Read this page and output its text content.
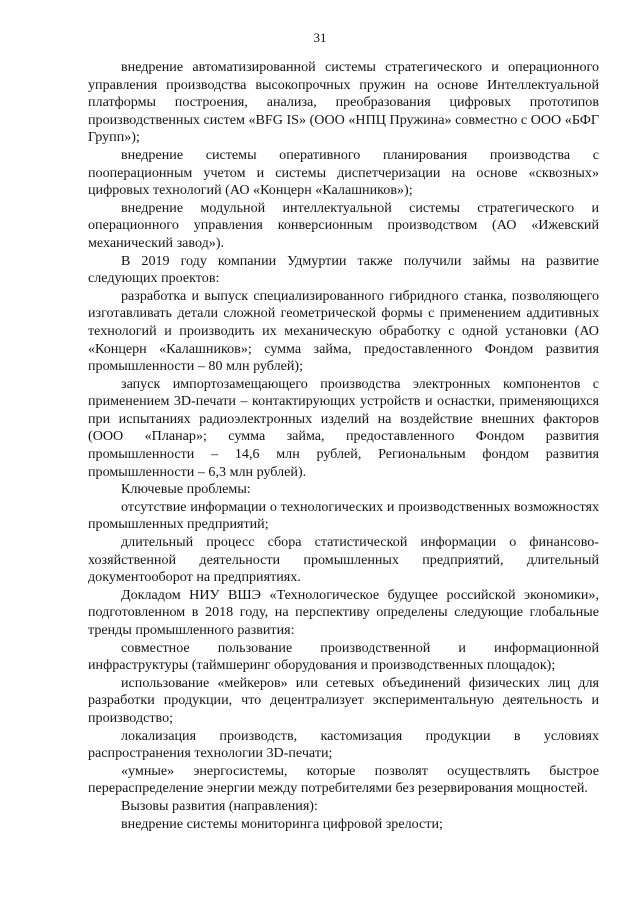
31

внедрение автоматизированной системы стратегического и операционного управления производства высокопрочных пружин на основе Интеллектуальной платформы построения, анализа, преобразования цифровых прототипов производственных систем «BFG IS» (ООО «НПЦ Пружина» совместно с ООО «БФГ Групп»);

внедрение системы оперативного планирования производства с пооперационным учетом и системы диспетчеризации на основе «сквозных» цифровых технологий (АО «Концерн «Калашников»);

внедрение модульной интеллектуальной системы стратегического и операционного управления конверсионным производством (АО «Ижевский механический завод»).

В 2019 году компании Удмуртии также получили займы на развитие следующих проектов:

разработка и выпуск специализированного гибридного станка, позволяющего изготавливать детали сложной геометрической формы с применением аддитивных технологий и производить их механическую обработку с одной установки (АО «Концерн «Калашников»; сумма займа, предоставленного Фондом развития промышленности – 80 млн рублей);

запуск импортозамещающего производства электронных компонентов с применением 3D-печати – контактирующих устройств и оснастки, применяющихся при испытаниях радиоэлектронных изделий на воздействие внешних факторов (ООО «Планар»; сумма займа, предоставленного Фондом развития промышленности – 14,6 млн рублей, Региональным фондом развития промышленности – 6,3 млн рублей).

Ключевые проблемы:

отсутствие информации о технологических и производственных возможностях промышленных предприятий;

длительный процесс сбора статистической информации о финансово-хозяйственной деятельности промышленных предприятий, длительный документооборот на предприятиях.

Докладом НИУ ВШЭ «Технологическое будущее российской экономики», подготовленном в 2018 году, на перспективу определены следующие глобальные тренды промышленного развития:

совместное пользование производственной и информационной инфраструктуры (таймшеринг оборудования и производственных площадок);

использование «мейкеров» или сетевых объединений физических лиц для разработки продукции, что децентрализует экспериментальную деятельность и производство;

локализация производств, кастомизация продукции в условиях распространения технологии 3D-печати;

«умные» энергосистемы, которые позволят осуществлять быстрое перераспределение энергии между потребителями без резервирования мощностей.

Вызовы развития (направления):

внедрение системы мониторинга цифровой зрелости;
